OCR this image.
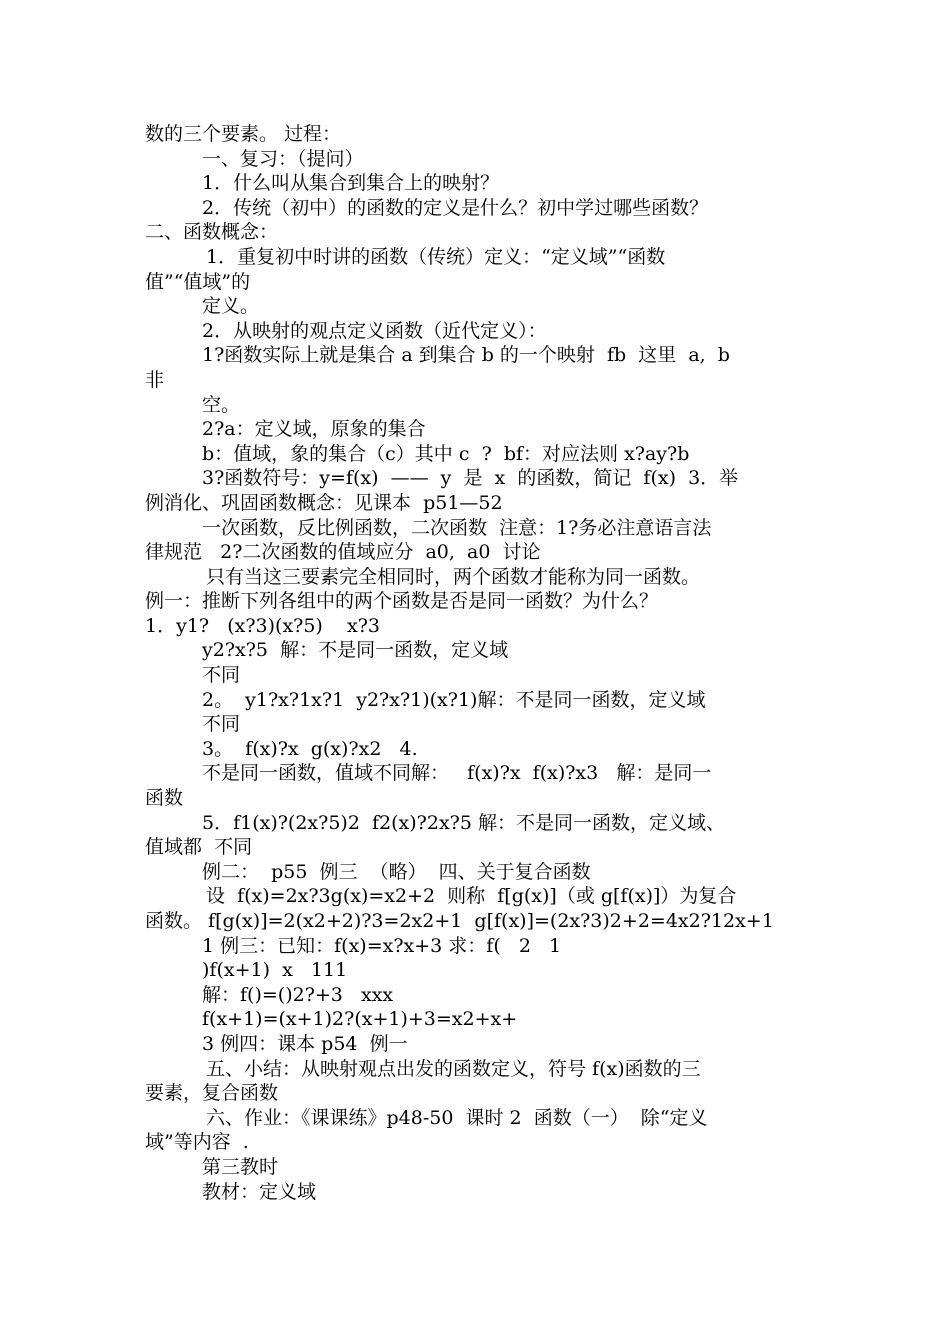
数的三个要素。 过程：
一、复习：（提问）
1．什么叫从集合到集合上的映射？
2．传统（初中）的函数的定义是什么？初中学过哪些函数？
二、函数概念：
1．重复初中时讲的函数（传统）定义：“定义域”“函数
值”“值域”的
定义。
2．从映射的观点定义函数（近代定义）：
1?函数实际上就是集合 a 到集合 b 的一个映射  fb  这里  a,  b
非
空。
2?a：定义域，原象的集合
b：值域，象的集合（c）其中 c  ?  bf：对应法则 x?ay?b
3?函数符号：y=f(x)  ——  y  是  x  的函数，简记  f(x)  3．举
例消化、巩固函数概念：见课本  p51—52
一次函数，反比例函数，二次函数  注意：1?务必注意语言法
律规范   2?二次函数的值域应分  a0,  a0  讨论
只有当这三要素完全相同时，两个函数才能称为同一函数。
例一：推断下列各组中的两个函数是否是同一函数？为什么？
1．y1?   (x?3)(x?5)    x?3
y2?x?5  解：不是同一函数，定义域
不同
2。  y1?x?1x?1  y2?x?1)(x?1)解：不是同一函数，定义域
不同
3。  f(x)?x  g(x)?x2   4.
不是同一函数，值域不同解：   f(x)?x  f(x)?x3   解：是同一
函数
5．f1(x)?(2x?5)2  f2(x)?2x?5 解：不是同一函数，定义域、
值域都  不同
例二：  p55  例三  （略）  四、关于复合函数
设  f(x)=2x?3g(x)=x2+2  则称  f[g(x)]（或 g[f(x)]）为复合
函数。 f[g(x)]=2(x2+2)?3=2x2+1  g[f(x)]=(2x?3)2+2=4x2?12x+1
1 例三：已知：f(x)=x?x+3 求：f(   2   1
)f(x+1)  x   111
解：f()=()2?+3   xxx
f(x+1)=(x+1)2?(x+1)+3=x2+x+
3 例四：课本 p54  例一
五、小结：从映射观点出发的函数定义，符号 f(x)函数的三
要素，复合函数
六、作业：《课课练》p48-50  课时 2  函数（一）  除“定义
域”等内容  .
第三教时
教材：定义域
